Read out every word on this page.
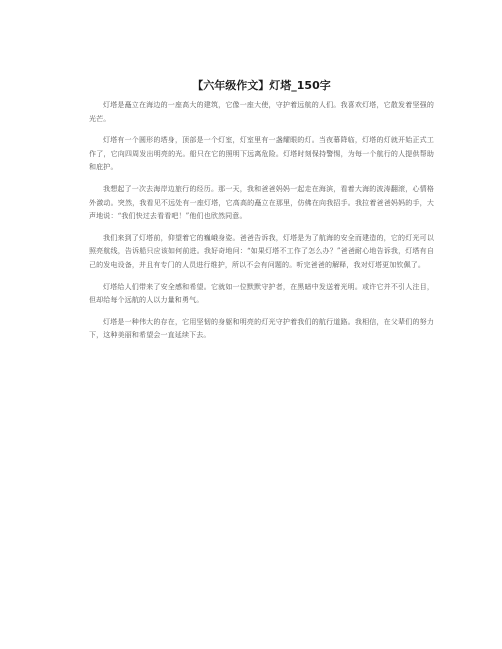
【六年级作文】灯塔_150字

灯塔是矗立在海边的一座高大的建筑，它像一座大使，守护着远航的人们。我喜欢灯塔，它散发着坚强的光芒。

灯塔有一个圆形的塔身，顶部是一个灯室，灯室里有一盏耀眼的灯。当夜幕降临，灯塔的灯就开始正式工作了，它向四周发出明亮的光。船只在它的照明下远离危险。灯塔时刻保持警惕，为每一个航行的人提供帮助和庇护。

我想起了一次去海岸边旅行的经历。那一天，我和爸爸妈妈一起走在海滨，看着大海的波涛翻滚，心情格外激动。突然，我看见不远处有一座灯塔，它高高的矗立在那里，仿佛在向我招手。我拉着爸爸妈妈的手，大声地说：“我们快过去看看吧！”他们也欣然同意。

我们来到了灯塔前，仰望着它的巍峨身姿。爸爸告诉我，灯塔是为了航海的安全而建造的，它的灯光可以照亮航线，告诉船只应该如何前进。我好奇地问：“如果灯塔不工作了怎么办？”爸爸耐心地告诉我，灯塔有自己的发电设备，并且有专门的人员进行维护，所以不会有问题的。听完爸爸的解释，我对灯塔更加钦佩了。

灯塔给人们带来了安全感和希望。它就如一位默默守护者，在黑暗中发送着光明。或许它并不引人注目，但却给每个远航的人以力量和勇气。

灯塔是一种伟大的存在，它用坚韧的身躯和明亮的灯光守护着我们的航行道路。我相信，在父辈们的努力下，这种美丽和希望会一直延续下去。
